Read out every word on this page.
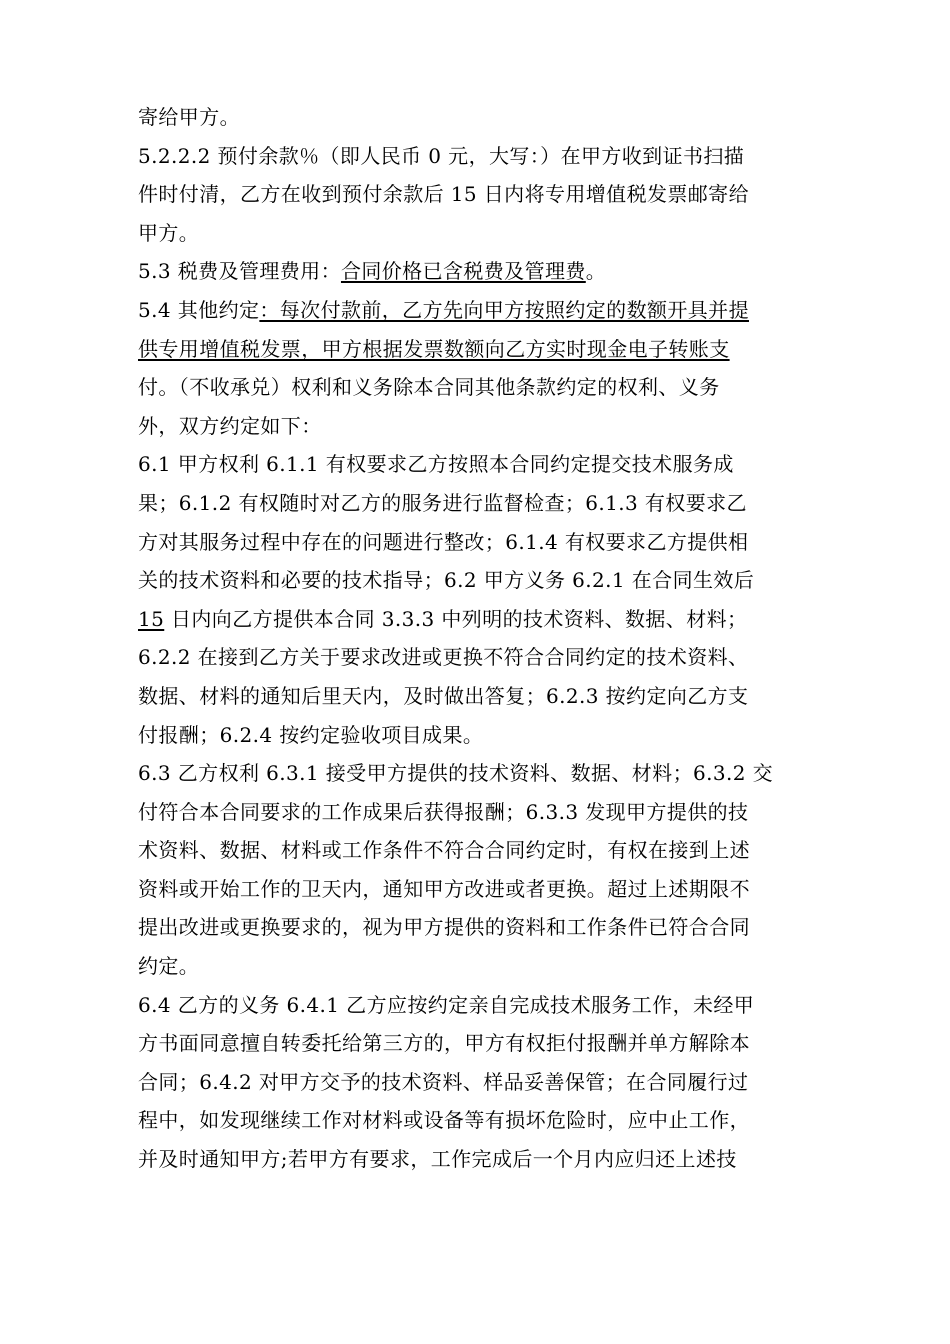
寄给甲方。
5.2.2.2 预付余款％（即人民币 0 元，大写：）在甲方收到证书扫描
件时付清，乙方在收到预付余款后 15 日内将专用增值税发票邮寄给
甲方。
5.3 税费及管理费用：合同价格已含税费及管理费。
5.4 其他约定：每次付款前，乙方先向甲方按照约定的数额开具并提
供专用增值税发票，甲方根据发票数额向乙方实时现金电子转账支
付。（不收承兑）权利和义务除本合同其他条款约定的权利、义务
外，双方约定如下：
6.1 甲方权利 6.1.1 有权要求乙方按照本合同约定提交技术服务成
果；6.1.2 有权随时对乙方的服务进行监督检查；6.1.3 有权要求乙
方对其服务过程中存在的问题进行整改；6.1.4 有权要求乙方提供相
关的技术资料和必要的技术指导；6.2 甲方义务 6.2.1 在合同生效后
15 日内向乙方提供本合同 3.3.3 中列明的技术资料、数据、材料；
6.2.2 在接到乙方关于要求改进或更换不符合合同约定的技术资料、
数据、材料的通知后里天内，及时做出答复；6.2.3 按约定向乙方支
付报酬；6.2.4 按约定验收项目成果。
6.3 乙方权利 6.3.1 接受甲方提供的技术资料、数据、材料；6.3.2 交
付符合本合同要求的工作成果后获得报酬；6.3.3 发现甲方提供的技
术资料、数据、材料或工作条件不符合合同约定时，有权在接到上述
资料或开始工作的卫天内，通知甲方改进或者更换。超过上述期限不
提出改进或更换要求的，视为甲方提供的资料和工作条件已符合合同
约定。
6.4 乙方的义务 6.4.1 乙方应按约定亲自完成技术服务工作，未经甲
方书面同意擅自转委托给第三方的，甲方有权拒付报酬并单方解除本
合同；6.4.2 对甲方交予的技术资料、样品妥善保管；在合同履行过
程中，如发现继续工作对材料或设备等有损坏危险时，应中止工作，
并及时通知甲方;若甲方有要求，工作完成后一个月内应归还上述技
